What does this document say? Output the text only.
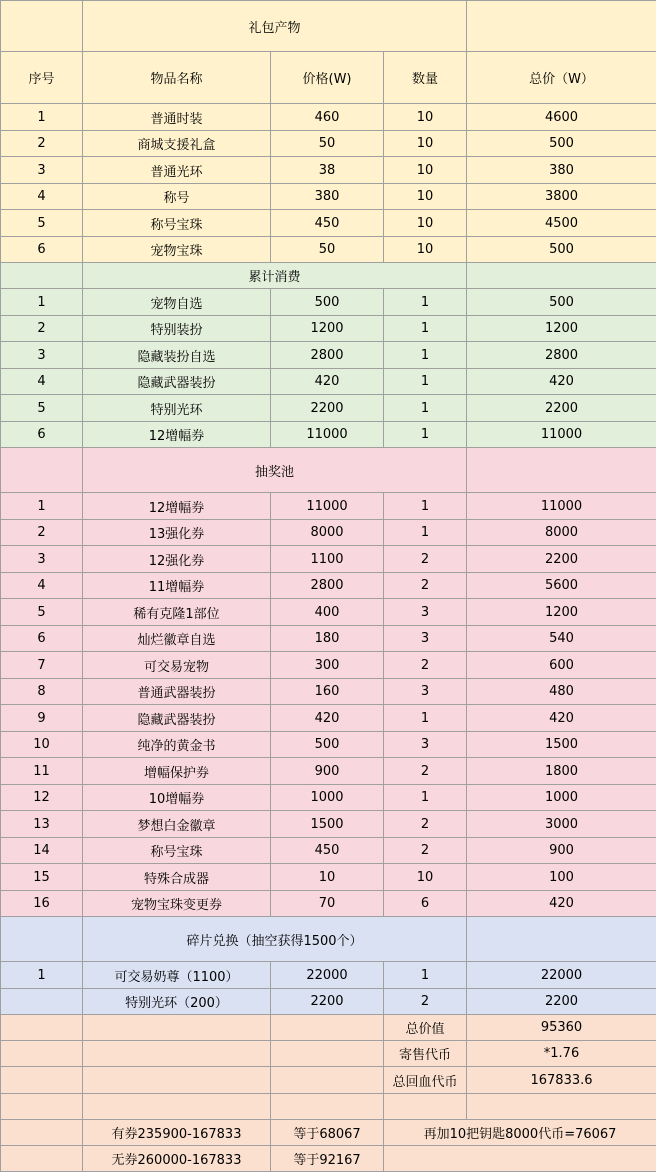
	礼包产物			
序号	物品名称	价格(W)	数量	总价（W）
1	普通时装	460	10	4600
2	商城支援礼盒	50	10	500
3	普通光环	38	10	380
4	称号	380	10	3800
5	称号宝珠	450	10	4500
6	宠物宝珠	50	10	500
	累计消费			
1	宠物自选	500	1	500
2	特别装扮	1200	1	1200
3	隐藏装扮自选	2800	1	2800
4	隐藏武器装扮	420	1	420
5	特别光环	2200	1	2200
6	12增幅券	11000	1	11000
	抽奖池			
1	12增幅券	11000	1	11000
2	13强化券	8000	1	8000
3	12强化券	1100	2	2200
4	11增幅券	2800	2	5600
5	稀有克隆1部位	400	3	1200
6	灿烂徽章自选	180	3	540
7	可交易宠物	300	2	600
8	普通武器装扮	160	3	480
9	隐藏武器装扮	420	1	420
10	纯净的黄金书	500	3	1500
11	增幅保护券	900	2	1800
12	10增幅券	1000	1	1000
13	梦想白金徽章	1500	2	3000
14	称号宝珠	450	2	900
15	特殊合成器	10	10	100
16	宠物宝珠变更券	70	6	420
	碎片兑换（抽空获得1500个）			
1	可交易奶尊（1100）	22000	1	22000
	特别光环（200）	2200	2	2200
			总价值	95360
			寄售代币	*1.76
			总回血代币	167833.6

	有券235900-167833	等于68067	再加10把钥匙8000代币=76067	
	无券260000-167833	等于92167		
